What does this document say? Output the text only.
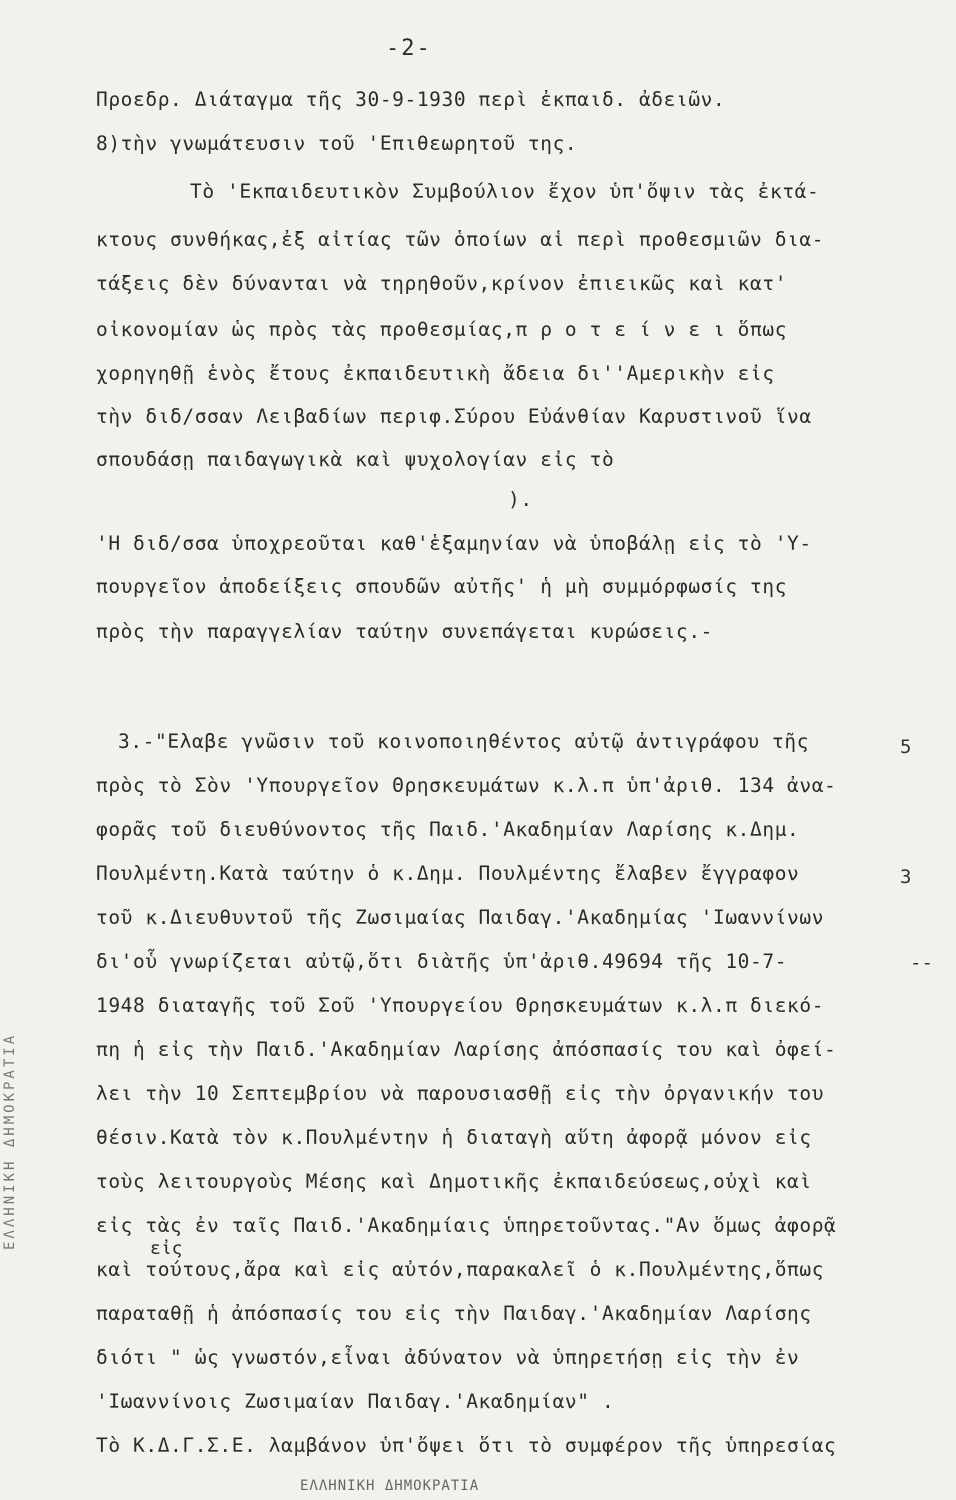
-2-
Προεδρ. Διάταγμα τῆς 30-9-1930 περὶ ἐκπαιδ. ἀδειῶν.
8)τὴν γνωμάτευσιν τοῦ 'Επιθεωρητοῦ της.
Τὸ 'Εκπαιδευτικὸν Συμβούλιον ἔχον ὑπ'ὄψιν τὰς ἐκτά-
κτους συνθήκας,ἐξ αἰτίας τῶν ὁποίων αἱ περὶ προθεσμιῶν δια-
τάξεις δὲν δύνανται νὰ τηρηθοῦν,κρίνον ἐπιεικῶς καὶ κατ'
οἰκονομίαν ὡς πρὸς τὰς προθεσμίας,π ρ ο τ ε ί ν ε ι ὅπως
χορηγηθῇ ἑνὸς ἔτους ἐκπαιδευτικὴ ἄδεια δι''Αμερικὴν εἰς
τὴν διδ/σσαν Λειβαδίων περιφ.Σύρου Εὐάνθίαν Καρυστινοῦ ἵνα
σπουδάσῃ παιδαγωγικὰ καὶ ψυχολογίαν εἰς τὸ
).
'Η διδ/σσα ὑποχρεοῦται καθ'ἑξαμηνίαν νὰ ὑποβάλῃ εἰς τὸ 'Υ-
πουργεῖον ἀποδείξεις σπουδῶν αὐτῆς' ἡ μὴ συμμόρφωσίς της
πρὸς τὴν παραγγελίαν ταύτην συνεπάγεται κυρώσεις.-
3.-"Ελαβε γνῶσιν τοῦ κοινοποιηθέντος αὐτῷ ἀντιγράφου τῆς
πρὸς τὸ Σὸν 'Υπουργεῖον Θρησκευμάτων κ.λ.π ὑπ'ἀριθ. 134 ἀνα-
φορᾶς τοῦ διευθύνοντος τῆς Παιδ.'Ακαδημίαν Λαρίσης κ.Δημ.
Πουλμέντη.Κατὰ ταύτην ὁ κ.Δημ. Πουλμέντης ἔλαβεν ἔγγραφον
τοῦ κ.Διευθυντοῦ τῆς Ζωσιμαίας Παιδαγ.'Ακαδημίας 'Ιωαννίνων
δι'οὗ γνωρίζεται αὐτῷ,ὅτι διὰτῆς ὑπ'ἀριθ.49694 τῆς 10-7-
1948 διαταγῆς τοῦ Σοῦ 'Υπουργείου Θρησκευμάτων κ.λ.π διεκό-
πη ἡ εἰς τὴν Παιδ.'Ακαδημίαν Λαρίσης ἀπόσπασίς του καὶ ὀφεί-
λει τὴν 10 Σεπτεμβρίου νὰ παρουσιασθῇ εἰς τὴν ὀργανικήν του
θέσιν.Κατὰ τὸν κ.Πουλμέντην ἡ διαταγὴ αὕτη ἀφορᾷ μόνον εἰς
τοὺς λειτουργοὺς Μέσης καὶ Δημοτικῆς ἐκπαιδεύσεως,οὐχὶ καὶ
εἰς τὰς ἐν ταῖς Παιδ.'Ακαδημίαις ὑπηρετοῦντας."Αν ὅμως ἀφορᾷ
καὶ τούτους,ἄρα καὶ εἰς αὐτόν,παρακαλεῖ ὁ κ.Πουλμέντης,ὅπως
παραταθῇ ἡ ἀπόσπασίς του εἰς τὴν Παιδαγ.'Ακαδημίαν Λαρίσης
διότι " ὡς γνωστόν,εἶναι ἀδύνατον νὰ ὑπηρετήσῃ εἰς τὴν ἐν
'Ιωαννίνοις Ζωσιμαίαν Παιδαγ.'Ακαδημίαν" .
Τὸ Κ.Δ.Γ.Σ.Ε. λαμβάνον ὑπ'ὄψει ὅτι τὸ συμφέρον τῆς ὑπηρεσίας
εἰς
5
3
--
ΕΛΛΗΝΙΚΗ ΔΗΜΟΚΡΑΤΙΑ
ΕΛΛΗΝΙΚΗ ΔΗΜΟΚΡΑΤΙΑ
